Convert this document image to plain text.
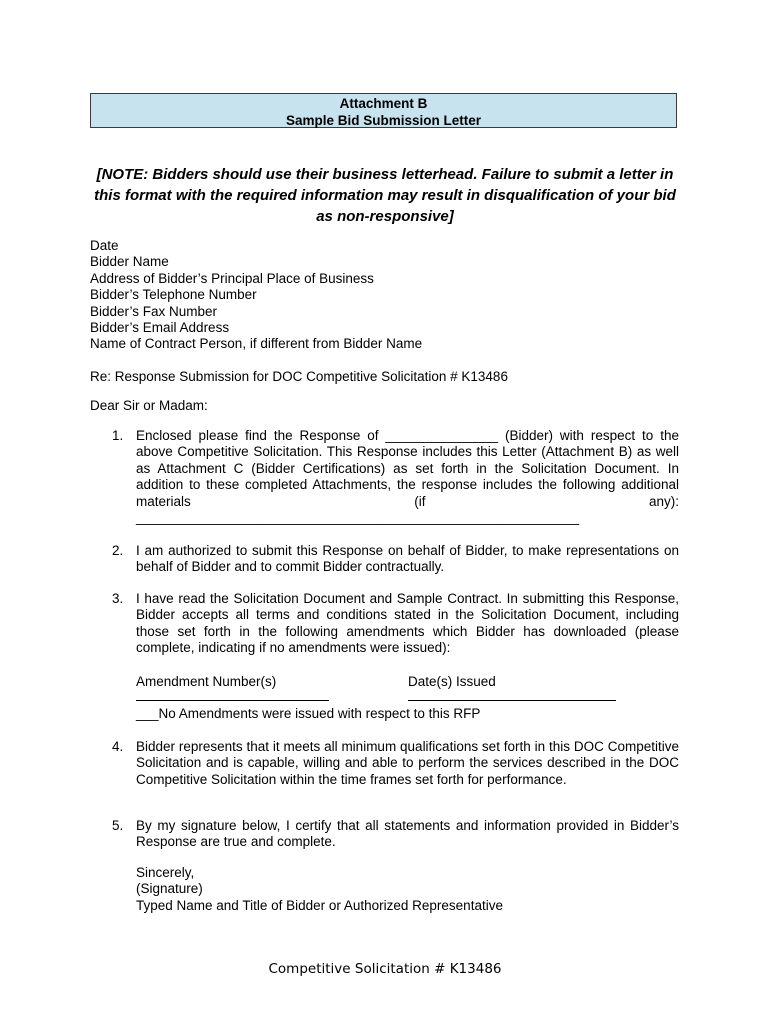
Attachment B
Sample Bid Submission Letter
[NOTE: Bidders should use their business letterhead. Failure to submit a letter in this format with the required information may result in disqualification of your bid as non-responsive]
Date
Bidder Name
Address of Bidder’s Principal Place of Business
Bidder’s Telephone Number
Bidder’s Fax Number
Bidder’s Email Address
Name of Contract Person, if different from Bidder Name
Re: Response Submission for DOC Competitive Solicitation # K13486
Dear Sir or Madam:
1. Enclosed please find the Response of _______________ (Bidder) with respect to the above Competitive Solicitation. This Response includes this Letter (Attachment B) as well as Attachment C (Bidder Certifications) as set forth in the Solicitation Document. In addition to these completed Attachments, the response includes the following additional materials (if any):
___________________________________________________________
2. I am authorized to submit this Response on behalf of Bidder, to make representations on behalf of Bidder and to commit Bidder contractually.
3. I have read the Solicitation Document and Sample Contract. In submitting this Response, Bidder accepts all terms and conditions stated in the Solicitation Document, including those set forth in the following amendments which Bidder has downloaded (please complete, indicating if no amendments were issued):
Amendment Number(s)	Date(s) Issued
___No Amendments were issued with respect to this RFP
4. Bidder represents that it meets all minimum qualifications set forth in this DOC Competitive Solicitation and is capable, willing and able to perform the services described in the DOC Competitive Solicitation within the time frames set forth for performance.
5. By my signature below, I certify that all statements and information provided in Bidder’s Response are true and complete.
Sincerely,
(Signature)
Typed Name and Title of Bidder or Authorized Representative
Competitive Solicitation # K13486
